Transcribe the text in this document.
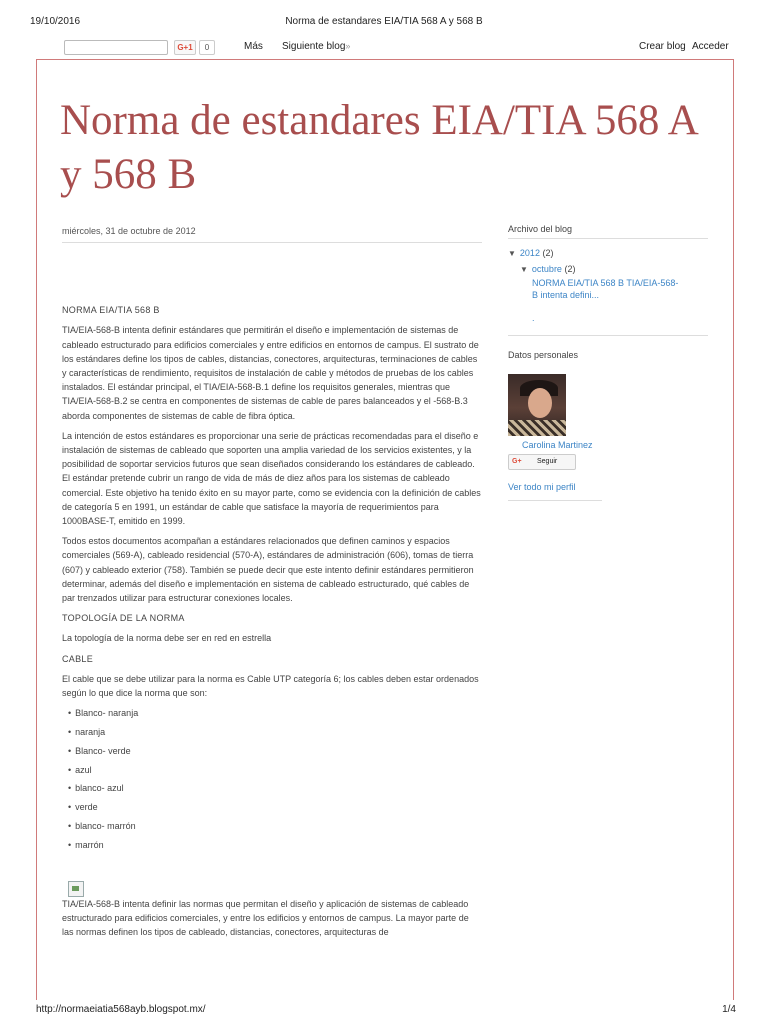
19/10/2016	Norma de estandares EIA/TIA 568 A y 568 B
G+1	0	Más Siguiente blog»	Crear blog Acceder
Norma de estandares EIA/TIA 568 A y 568 B
miércoles, 31 de octubre de 2012
NORMA EIA/TIA 568 B

TIA/EIA-568-B intenta definir estándares que permitirán el diseño e implementación de sistemas de cableado estructurado para edificios comerciales y entre edificios en entornos de campus. El sustrato de los estándares define los tipos de cables, distancias, conectores, arquitecturas, terminaciones de cables y características de rendimiento, requisitos de instalación de cable y métodos de pruebas de los cables instalados. El estándar principal, el TIA/EIA-568-B.1 define los requisitos generales, mientras que TIA/EIA-568-B.2 se centra en componentes de sistemas de cable de pares balanceados y el -568-B.3 aborda componentes de sistemas de cable de fibra óptica.

La intención de estos estándares es proporcionar una serie de prácticas recomendadas para el diseño e instalación de sistemas de cableado que soporten una amplia variedad de los servicios existentes, y la posibilidad de soportar servicios futuros que sean diseñados considerando los estándares de cableado. El estándar pretende cubrir un rango de vida de más de diez años para los sistemas de cableado comercial. Este objetivo ha tenido éxito en su mayor parte, como se evidencia con la definición de cables de categoría 5 en 1991, un estándar de cable que satisface la mayoría de requerimientos para 1000BASE-T, emitido en 1999.

Todos estos documentos acompañan a estándares relacionados que definen caminos y espacios comerciales (569-A), cableado residencial (570-A), estándares de administración (606), tomas de tierra (607) y cableado exterior (758). También se puede decir que este intento definir estándares permitieron determinar, además del diseño e implementación en sistema de cableado estructurado, qué cables de par trenzados utilizar para estructurar conexiones locales.

TOPOLOGÍA DE LA NORMA

La topología de la norma debe ser en red en estrella

CABLE

El cable que se debe utilizar para la norma es Cable UTP categoría 6; los cables deben estar ordenados según lo que dice la norma que son:

• Blanco- naranja
• naranja
• Blanco- verde
• azul
• blanco- azul
• verde
• blanco- marrón
• marrón

TIA/EIA-568-B intenta definir las normas que permitan el diseño y aplicación de sistemas de cableado estructurado para edificios comerciales, y entre los edificios y entornos de campus. La mayor parte de las normas definen los tipos de cableado, distancias, conectores, arquitecturas de

Archivo del blog
▼ 2012 (2)
▼ octubre (2)
NORMA EIA/TIA 568 B TIA/EIA-568-B intenta defini...
.
Datos personales
Carolina Martinez
G+ Seguir
Ver todo mi perfil
http://normaeiatia568ayb.blogspot.mx/	1/4
